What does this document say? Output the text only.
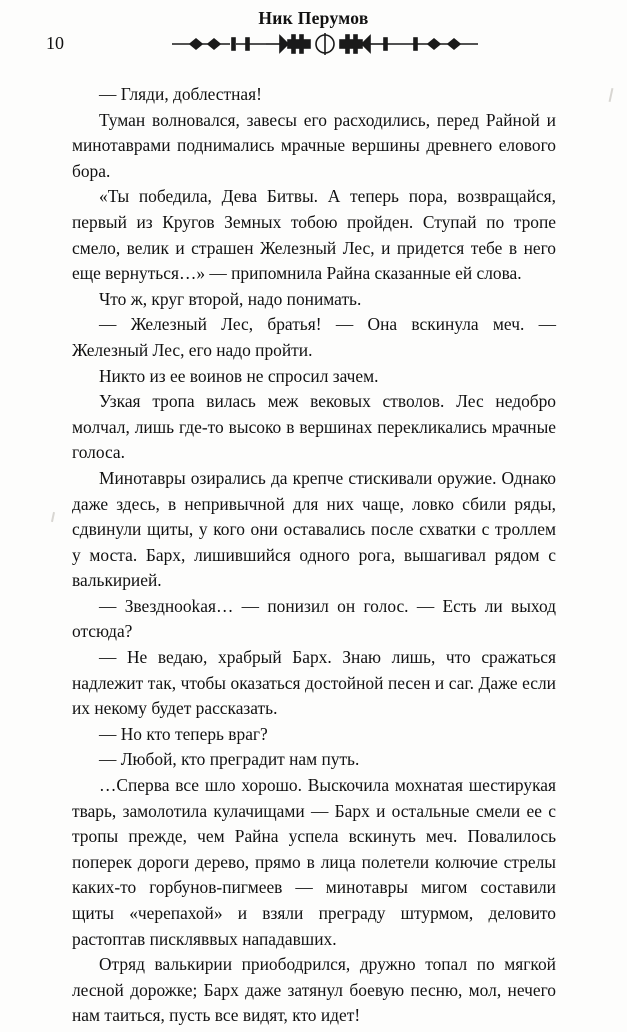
Ник Перумов
10

— Гляди, доблестная!

Туман волновался, завесы его расходились, перед Райной и минотаврами поднимались мрачные вершины древнего елового бора.

«Ты победила, Дева Битвы. А теперь пора, возвращайся, первый из Кругов Земных тобою пройден. Ступай по тропе смело, велик и страшен Железный Лес, и придется тебе в него еще вернуться…» — припомнила Райна сказанные ей слова.

Что ж, круг второй, надо понимать.

— Железный Лес, братья! — Она вскинула меч. — Железный Лес, его надо пройти.

Никто из ее воинов не спросил зачем.

Узкая тропа вилась меж вековых стволов. Лес недобро молчал, лишь где-то высоко в вершинах перекликались мрачные голоса.

Минотавры озирались да крепче стискивали оружие. Однако даже здесь, в непривычной для них чаще, ловко сбили ряды, сдвинули щиты, у кого они оставались после схватки с троллем у моста. Барх, лишившийся одного рога, вышагивал рядом с валькирией.

— Звезднookaя… — понизил он голос. — Есть ли выход отсюда?

— Не ведаю, храбрый Барх. Знаю лишь, что сражаться надлежит так, чтобы оказаться достойной песен и саг. Даже если их некому будет рассказать.

— Но кто теперь враг?

— Любой, кто преградит нам путь.

…Сперва все шло хорошо. Выскочила мохнатая шестирукая тварь, замолотила кулачищами — Барх и остальные смели ее с тропы прежде, чем Райна успела вскинуть меч. Повалилось поперек дороги дерево, прямо в лица полетели колючие стрелы каких-то горбунов-пигмеев — минотавры мигом составили щиты «черепахой» и взяли преграду штурмом, деловито растоптав пискляввых нападавших.

Отряд валькирии приободрился, дружно топал по мягкой лесной дорожке; Барх даже затянул боевую песню, мол, нечего нам таиться, пусть все видят, кто идет!
